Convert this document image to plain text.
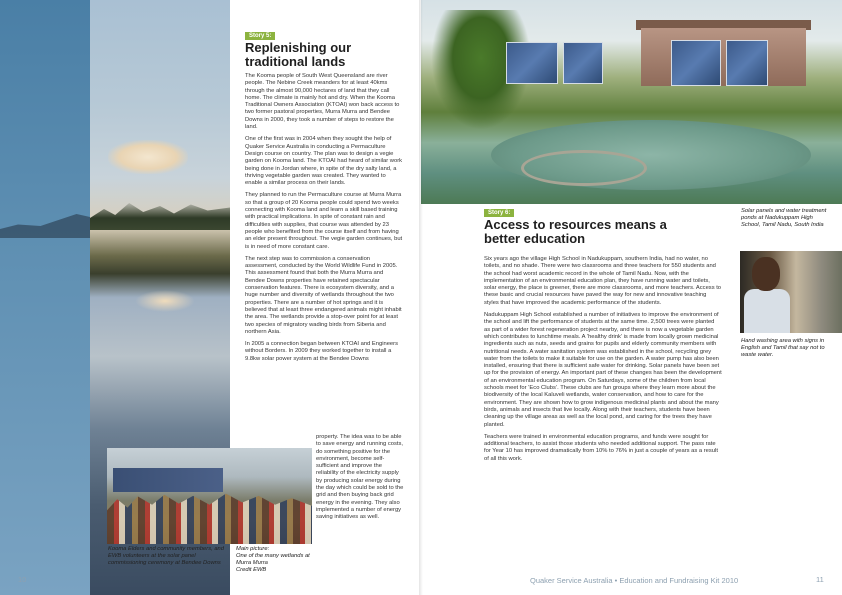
Story 5:
Replenishing our traditional lands

The Kooma people of South West Queensland are river people. The Nebine Creek meanders for at least 40kms through the almost 90,000 hectares of land that they call home. The climate is mainly hot and dry. When the Kooma Traditional Owners Association (KTOAI) won back access to two former pastoral properties, Murra Murra and Bendee Downs in 2000, they took a number of steps to restore the land.

One of the first was in 2004 when they sought the help of Quaker Service Australia in conducting a Permaculture Design course on country. The plan was to design a vegie garden on Kooma land. The KTOAI had heard of similar work being done in Jordan where, in spite of the dry salty land, a thriving vegetable garden was created. They wanted to enable a similar process on their lands.

They planned to run the Permaculture course at Murra Murra so that a group of 20 Kooma people could spend two weeks connecting with Kooma land and learn a skill based training with practical implications. In spite of constant rain and difficulties with supplies, that course was attended by 23 people who benefited from the course itself and from having an elder present throughout. The vegie garden continues, but is in need of more constant care.

The next step was to commission a conservation assessment, conducted by the World Wildlife Fund in 2005. This assessment found that both the Murra Murra and Bendee Downs properties have retained spectacular conservation features. There is ecosystem diversity, and a huge number and diversity of wetlands throughout the two properties. There are a number of hot springs and it is believed that at least three endangered animals might inhabit the area. The wetlands provide a stop-over point for at least two species of migratory wading birds from Siberia and northern Asia.

In 2005 a connection began between KTOAI and Engineers without Borders. In 2009 they worked together to install a 9.8kw solar power system at the Bendee Downs

property. The idea was to be able to save energy and running costs, do something positive for the environment, become self-sufficient and improve the reliability of the electricity supply by producing solar energy during the day which could be sold to the grid and then buying back grid energy in the evening. They also implemented a number of energy saving initiatives as well.
Kooma Elders and community members, and EWB volunteers at the solar panel commissioning ceremony at Bendee Downs
Main picture:
One of the many wetlands at Murra Murra
Credit EWB
10
Story 6:
Access to resources means a better education

Six years ago the village High School in Nadukuppam, southern India, had no water, no toilets, and no shade. There were two classrooms and three teachers for 550 students and the school had worst academic record in the whole of Tamil Nadu. Now, with the implementation of an environmental education plan, they have running water and toilets, solar energy, the place is greener, there are more classrooms, and more teachers. Access to these basic and crucial resources have paved the way for new and innovative teaching styles that have improved the academic performance of the students.

Nadukuppam High School established a number of initiatives to improve the environment of the school and lift the performance of students at the same time. 2,500 trees were planted as part of a wider forest regeneration project nearby, and there is now a vegetable garden which contributes to lunchtime meals. A ‘healthy drink’ is made from locally grown medicinal ingredients such as nuts, seeds and grains for pupils and elderly community members with nutritional needs. A water sanitation system was established in the school, recycling grey water from the toilets to make it suitable for use on the garden. A water pump has also been installed, ensuring that there is sufficient safe water for drinking. Solar panels have been set up for the provision of energy. An important part of these changes has been the development of an environmental education program. On Saturdays, some of the children from local schools meet for ‘Eco Clubs’. These clubs are fun groups where they learn more about the biodiversity of the local Kaluveli wetlands, water conservation, and how to care for the environment. They are shown how to grow indigenous medicinal plants and about the many birds, animals and insects that live locally. Along with their teachers, students have been cleaning up the village areas as well as the local pond, and caring for the trees they have planted.

Teachers were trained in environmental education programs, and funds were sought for additional teachers, to assist those students who needed additional support. The pass rate for Year 10 has improved dramatically from 10% to 76% in just a couple of years as a result of all this work.

Solar panels and water treatment ponds at Nadukuppam High School, Tamil Nadu, South India
Hand washing area with signs in English and Tamil that say not to waste water.
Quaker Service Australia • Education and Fundraising Kit 2010	11
